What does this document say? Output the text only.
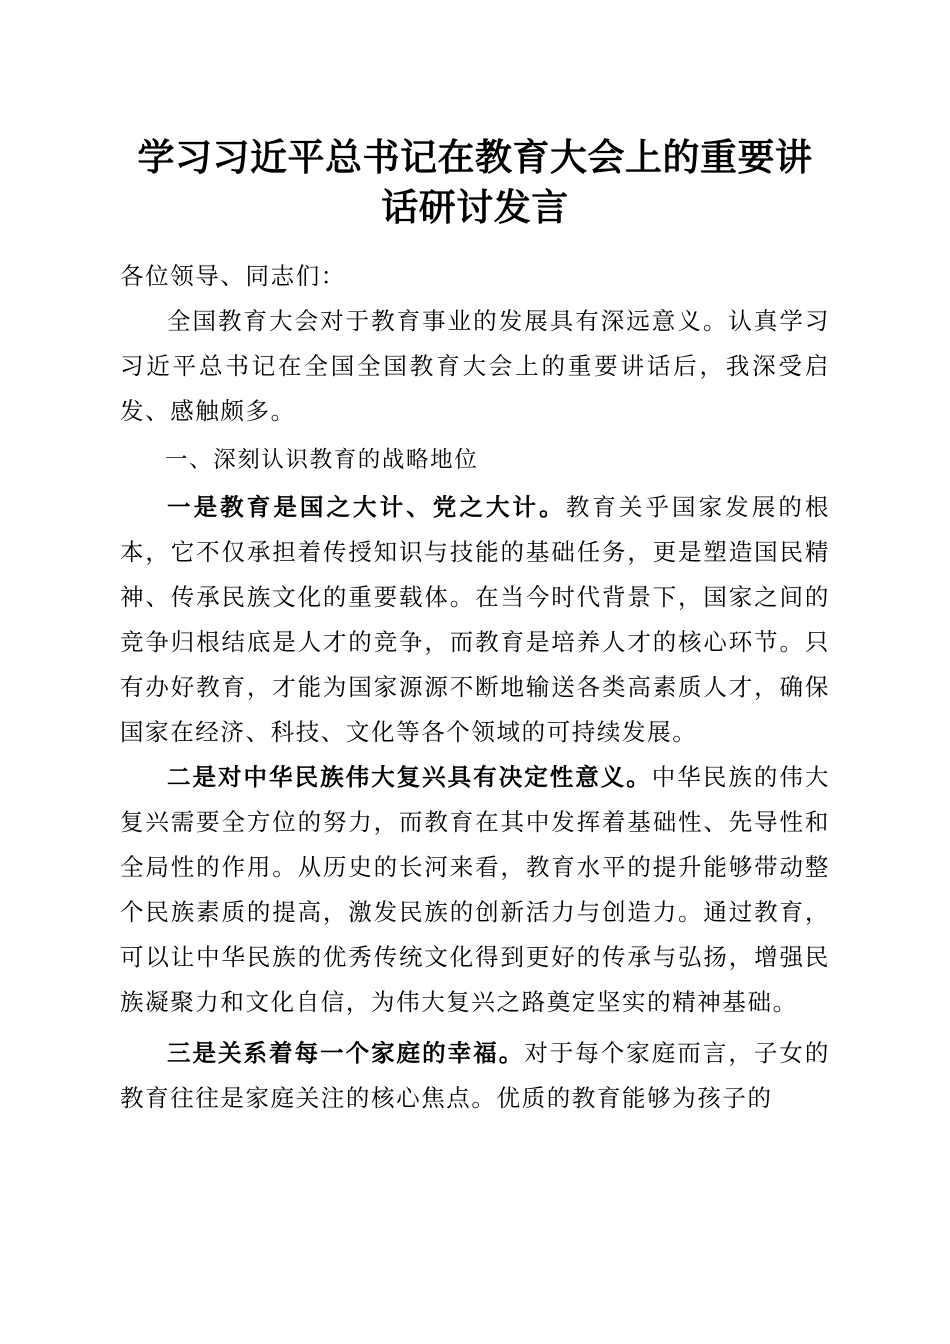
学习习近平总书记在教育大会上的重要讲话研讨发言

各位领导、同志们：

全国教育大会对于教育事业的发展具有深远意义。认真学习习近平总书记在全国全国教育大会上的重要讲话后，我深受启发、感触颇多。

一、深刻认识教育的战略地位

一是教育是国之大计、党之大计。教育关乎国家发展的根本，它不仅承担着传授知识与技能的基础任务，更是塑造国民精神、传承民族文化的重要载体。在当今时代背景下，国家之间的竞争归根结底是人才的竞争，而教育是培养人才的核心环节。只有办好教育，才能为国家源源不断地输送各类高素质人才，确保国家在经济、科技、文化等各个领域的可持续发展。

二是对中华民族伟大复兴具有决定性意义。中华民族的伟大复兴需要全方位的努力，而教育在其中发挥着基础性、先导性和全局性的作用。从历史的长河来看，教育水平的提升能够带动整个民族素质的提高，激发民族的创新活力与创造力。通过教育，可以让中华民族的优秀传统文化得到更好的传承与弘扬，增强民族凝聚力和文化自信，为伟大复兴之路奠定坚实的精神基础。

三是关系着每一个家庭的幸福。对于每个家庭而言，子女的教育往往是家庭关注的核心焦点。优质的教育能够为孩子的
